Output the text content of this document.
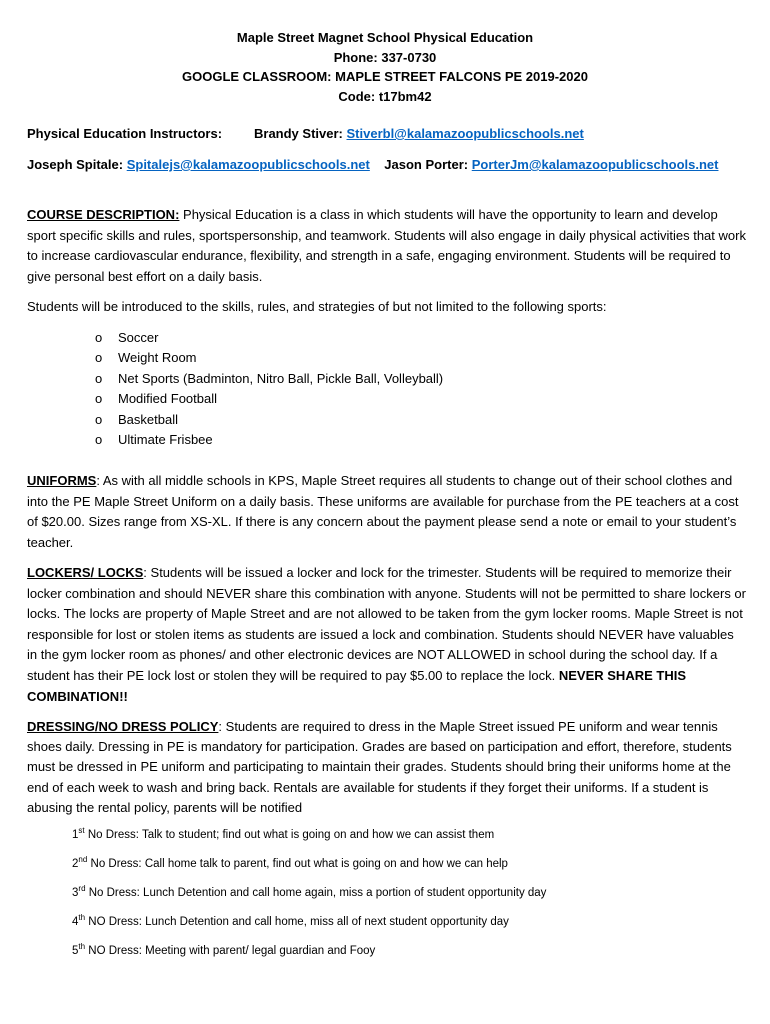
Maple Street Magnet School Physical Education
Phone: 337-0730
GOOGLE CLASSROOM: MAPLE STREET FALCONS PE 2019-2020
Code: t17bm42
Physical Education Instructors: Brandy Stiver: Stiverbl@kalamazoopublicschools.net
Joseph Spitale: Spitalejs@kalamazoopublicschools.net Jason Porter: PorterJm@kalamazoopublicschools.net
COURSE DESCRIPTION: Physical Education is a class in which students will have the opportunity to learn and develop sport specific skills and rules, sportspersonship, and teamwork. Students will also engage in daily physical activities that work to increase cardiovascular endurance, flexibility, and strength in a safe, engaging environment. Students will be required to give personal best effort on a daily basis.
Students will be introduced to the skills, rules, and strategies of but not limited to the following sports:
o Soccer
o Weight Room
o Net Sports (Badminton, Nitro Ball, Pickle Ball, Volleyball)
o Modified Football
o Basketball
o Ultimate Frisbee
UNIFORMS: As with all middle schools in KPS, Maple Street requires all students to change out of their school clothes and into the PE Maple Street Uniform on a daily basis. These uniforms are available for purchase from the PE teachers at a cost of $20.00. Sizes range from XS-XL. If there is any concern about the payment please send a note or email to your student’s teacher.
LOCKERS/ LOCKS: Students will be issued a locker and lock for the trimester. Students will be required to memorize their locker combination and should NEVER share this combination with anyone. Students will not be permitted to share lockers or locks. The locks are property of Maple Street and are not allowed to be taken from the gym locker rooms. Maple Street is not responsible for lost or stolen items as students are issued a lock and combination. Students should NEVER have valuables in the gym locker room as phones/ and other electronic devices are NOT ALLOWED in school during the school day. If a student has their PE lock lost or stolen they will be required to pay $5.00 to replace the lock. NEVER SHARE THIS COMBINATION!!
DRESSING/NO DRESS POLICY: Students are required to dress in the Maple Street issued PE uniform and wear tennis shoes daily. Dressing in PE is mandatory for participation. Grades are based on participation and effort, therefore, students must be dressed in PE uniform and participating to maintain their grades. Students should bring their uniforms home at the end of each week to wash and bring back. Rentals are available for students if they forget their uniforms. If a student is abusing the rental policy, parents will be notified
1st No Dress: Talk to student; find out what is going on and how we can assist them
2nd No Dress: Call home talk to parent, find out what is going on and how we can help
3rd No Dress: Lunch Detention and call home again, miss a portion of student opportunity day
4th NO Dress: Lunch Detention and call home, miss all of next student opportunity day
5th NO Dress: Meeting with parent/ legal guardian and Fooy
